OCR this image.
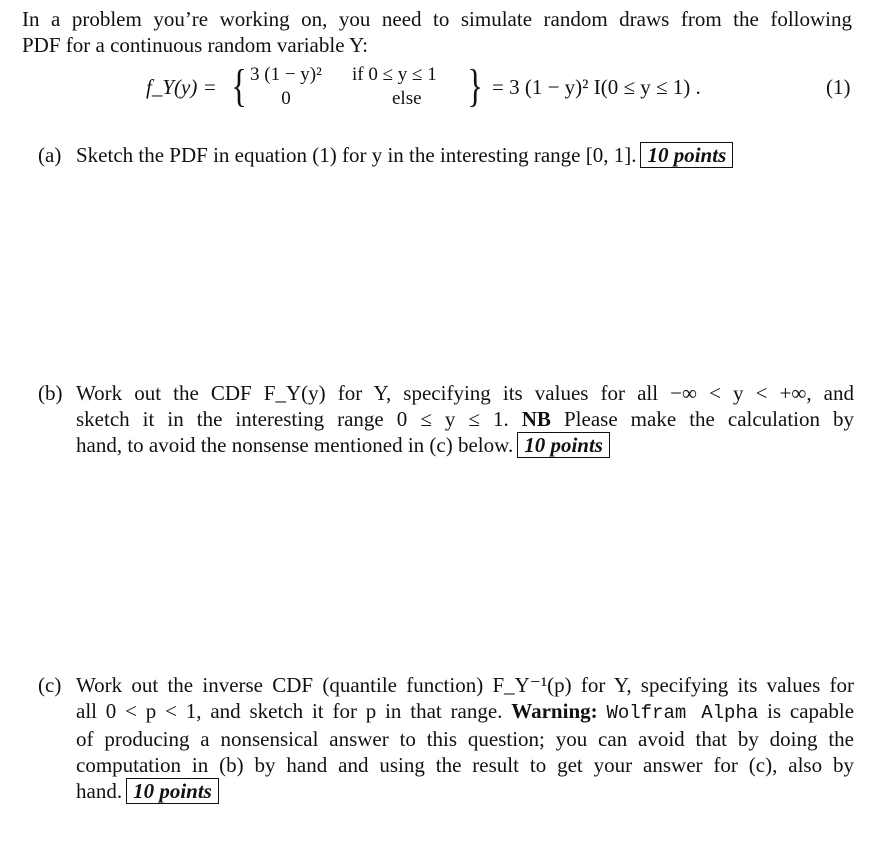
In a problem you’re working on, you need to simulate random draws from the following
PDF for a continuous random variable Y:
f_Y(y) = { 3 (1 − y)² if 0 ≤ y ≤ 1
0	else } = 3 (1 − y)² I(0 ≤ y ≤ 1) .	(1)
(a) Sketch the PDF in equation (1) for y in the interesting range [0, 1]. 10 points
(b) Work out the CDF F_Y(y) for Y, specifying its values for all −∞ < y < +∞, and
sketch it in the interesting range 0 ≤ y ≤ 1. NB Please make the calculation by
hand, to avoid the nonsense mentioned in (c) below. 10 points
(c) Work out the inverse CDF (quantile function) F_Y⁻¹(p) for Y, specifying its values for
all 0 < p < 1, and sketch it for p in that range. Warning: Wolfram Alpha is capable
of producing a nonsensical answer to this question; you can avoid that by doing the
computation in (b) by hand and using the result to get your answer for (c), also by
hand. 10 points
